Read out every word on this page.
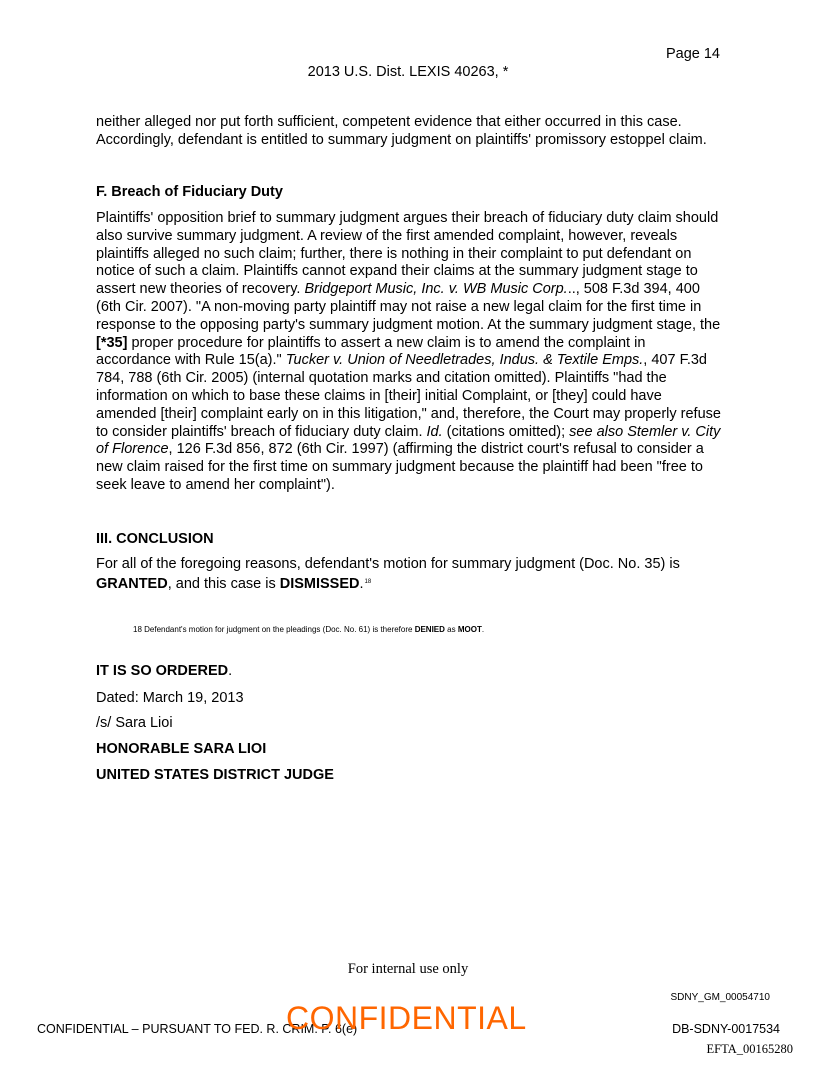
Page 14
2013 U.S. Dist. LEXIS 40263, *

neither alleged nor put forth sufficient, competent evidence that either occurred in this case. Accordingly, defendant is entitled to summary judgment on plaintiffs' promissory estoppel claim.

F. Breach of Fiduciary Duty

Plaintiffs' opposition brief to summary judgment argues their breach of fiduciary duty claim should also survive summary judgment. A review of the first amended complaint, however, reveals plaintiffs alleged no such claim; further, there is nothing in their complaint to put defendant on notice of such a claim. Plaintiffs cannot expand their claims at the summary judgment stage to assert new theories of recovery. Bridgeport Music, Inc. v. WB Music Corp..., 508 F.3d 394, 400 (6th Cir. 2007). "A non-moving party plaintiff may not raise a new legal claim for the first time in response to the opposing party's summary judgment motion. At the summary judgment stage, the [*35] proper procedure for plaintiffs to assert a new claim is to amend the complaint in accordance with Rule 15(a)." Tucker v. Union of Needletrades, Indus. & Textile Emps., 407 F.3d 784, 788 (6th Cir. 2005) (internal quotation marks and citation omitted). Plaintiffs "had the information on which to base these claims in [their] initial Complaint, or [they] could have amended [their] complaint early on in this litigation," and, therefore, the Court may properly refuse to consider plaintiffs' breach of fiduciary duty claim. Id. (citations omitted); see also Stemler v. City of Florence, 126 F.3d 856, 872 (6th Cir. 1997) (affirming the district court's refusal to consider a new claim raised for the first time on summary judgment because the plaintiff had been "free to seek leave to amend her complaint").

III. CONCLUSION

For all of the foregoing reasons, defendant's motion for summary judgment (Doc. No. 35) is GRANTED, and this case is DISMISSED.$^{18}$

18 Defendant's motion for judgment on the pleadings (Doc. No. 61) is therefore DENIED as MOOT.
IT IS SO ORDERED.
Dated: March 19, 2013
/s/ Sara Lioi
HONORABLE SARA LIOI
UNITED STATES DISTRICT JUDGE
For internal use only
SDNY_GM_00054710
CONFIDENTIAL – PURSUANT TO FED. R. CRIM. P. 6(e)
CONFIDENTIAL	DB-SDNY-0017534
EFTA_00165280
